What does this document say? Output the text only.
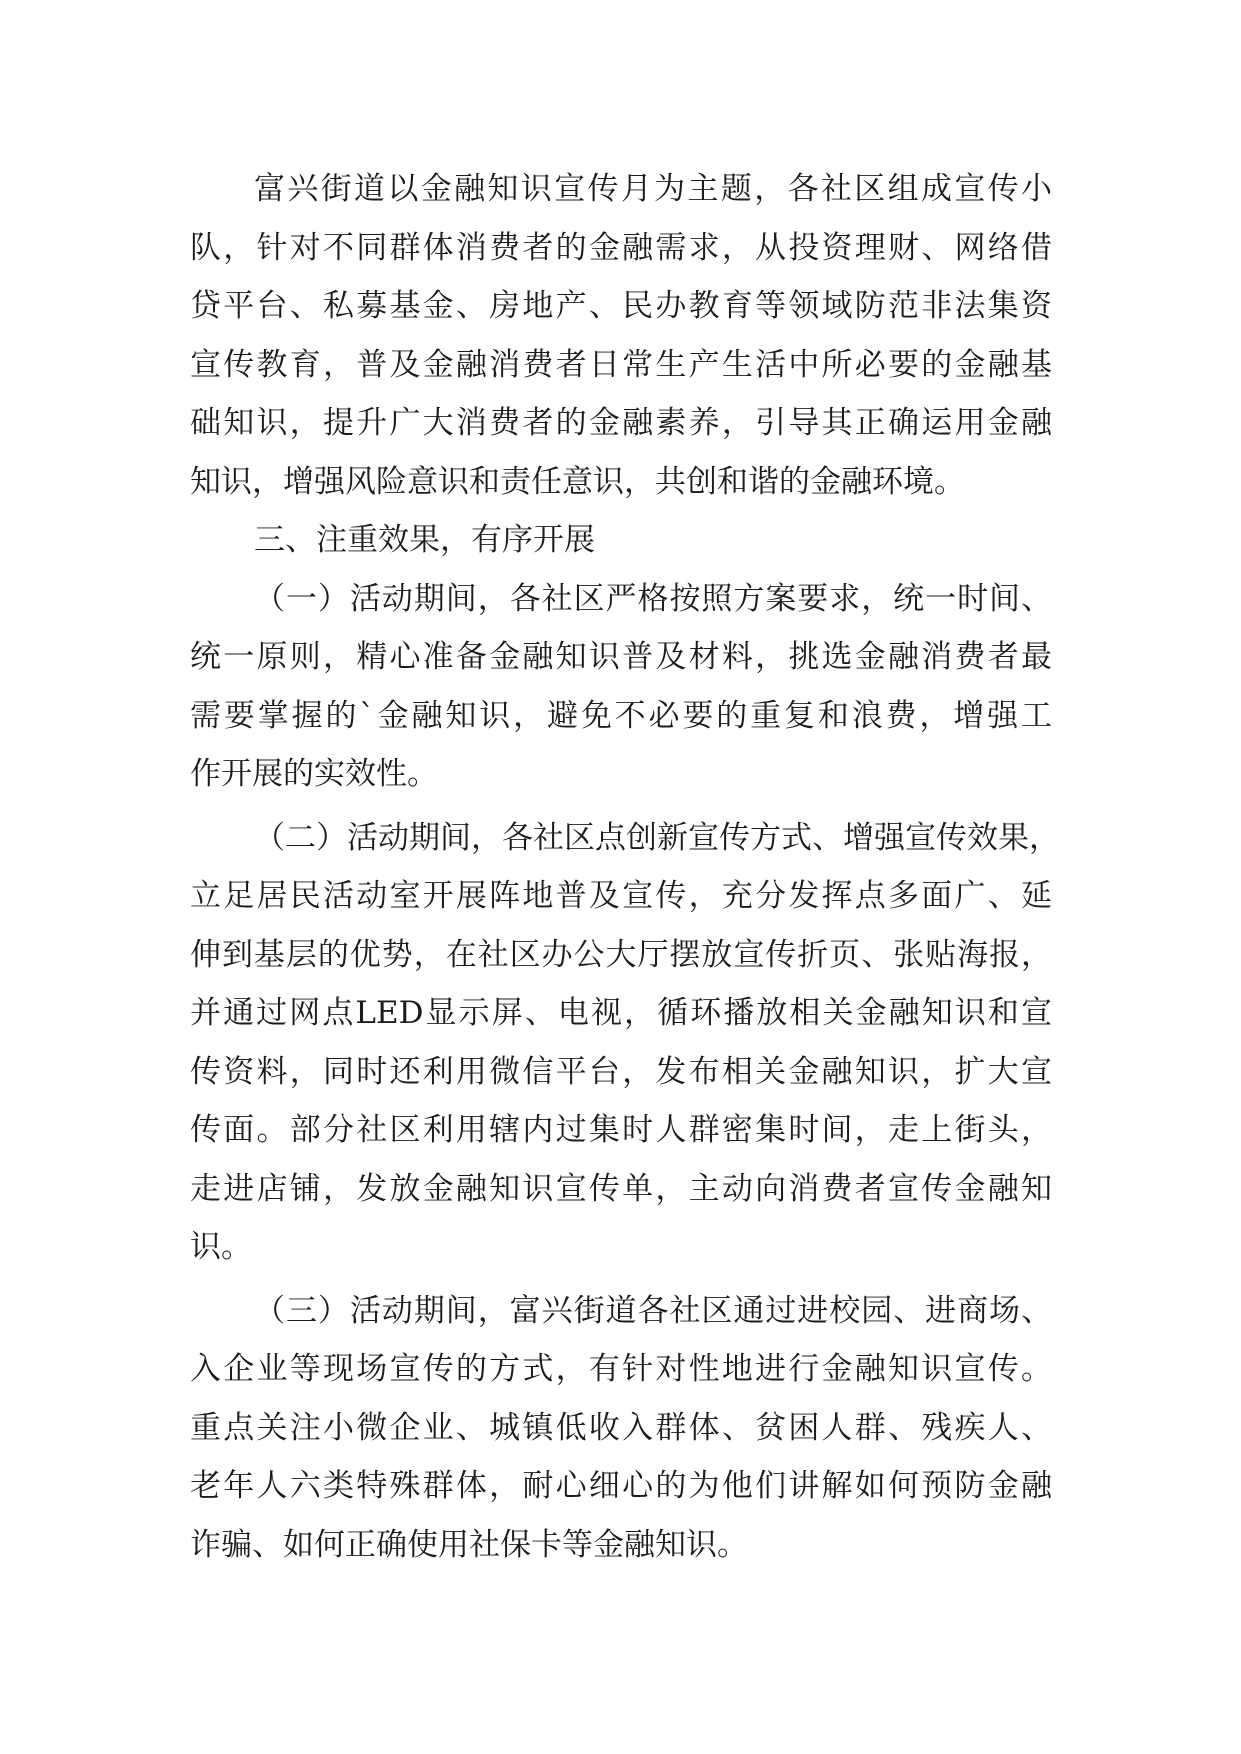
富兴街道以金融知识宣传月为主题，各社区组成宣传小
队，针对不同群体消费者的金融需求，从投资理财、网络借
贷平台、私募基金、房地产、民办教育等领域防范非法集资
宣传教育，普及金融消费者日常生产生活中所必要的金融基
础知识，提升广大消费者的金融素养，引导其正确运用金融
知识，增强风险意识和责任意识，共创和谐的金融环境。
三、注重效果，有序开展
（一）活动期间，各社区严格按照方案要求，统一时间、
统一原则，精心准备金融知识普及材料，挑选金融消费者最
需要掌握的`金融知识，避免不必要的重复和浪费，增强工
作开展的实效性。
（二）活动期间，各社区点创新宣传方式、增强宣传效果，
立足居民活动室开展阵地普及宣传，充分发挥点多面广、延
伸到基层的优势，在社区办公大厅摆放宣传折页、张贴海报，
并通过网点LED显示屏、电视，循环播放相关金融知识和宣
传资料，同时还利用微信平台，发布相关金融知识，扩大宣
传面。部分社区利用辖内过集时人群密集时间，走上街头，
走进店铺，发放金融知识宣传单，主动向消费者宣传金融知
识。
（三）活动期间，富兴街道各社区通过进校园、进商场、
入企业等现场宣传的方式，有针对性地进行金融知识宣传。
重点关注小微企业、城镇低收入群体、贫困人群、残疾人、
老年人六类特殊群体，耐心细心的为他们讲解如何预防金融
诈骗、如何正确使用社保卡等金融知识。
